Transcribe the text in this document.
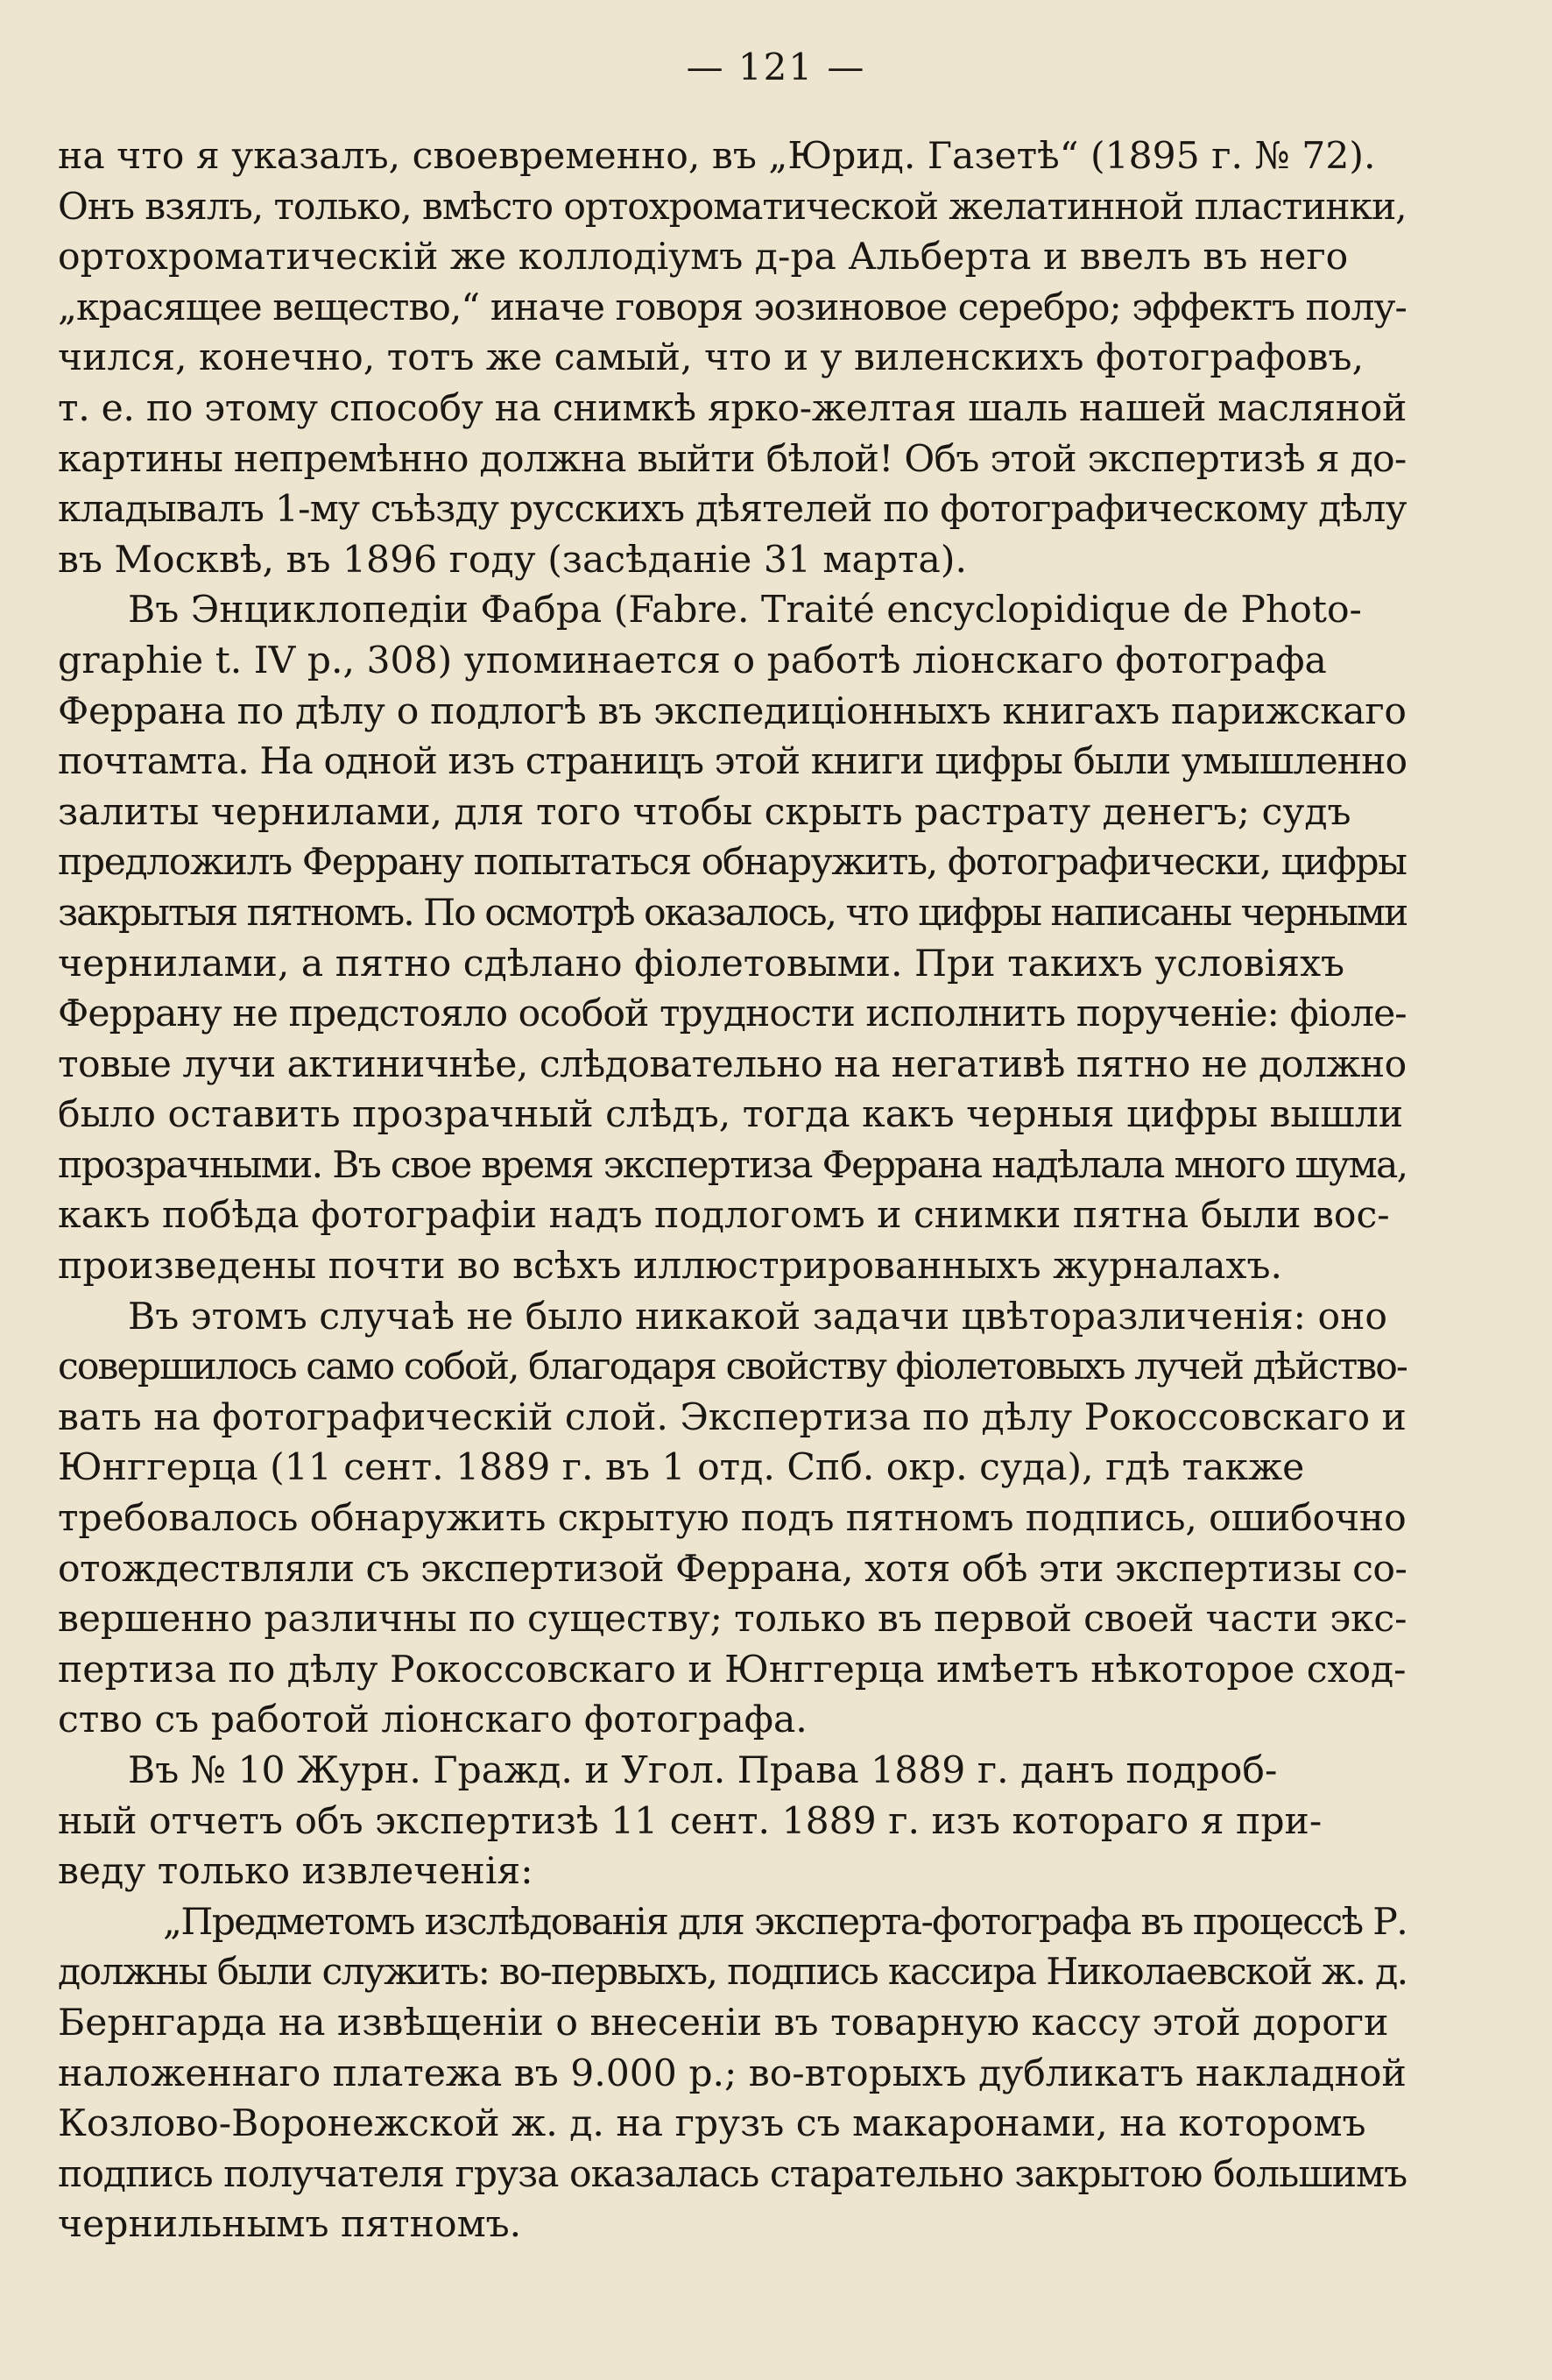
— 121 —

на что я указалъ, своевременно, въ „Юрид. Газетѣ“ (1895 г. № 72).
Онъ взялъ, только, вмѣсто ортохроматической желатинной пластинки,
ортохроматическій же коллодіумъ д-ра Альберта и ввелъ въ него
„красящее вещество,“ иначе говоря эозиновое серебро; эффектъ полу-
чился, конечно, тотъ же самый, что и у виленскихъ фотографовъ,
т. е. по этому способу на снимкѣ ярко-желтая шаль нашей масляной
картины непремѣнно должна выйти бѣлой! Объ этой экспертизѣ я до-
кладывалъ 1-му съѣзду русскихъ дѣятелей по фотографическому дѣлу
въ Москвѣ, въ 1896 году (засѣданіе 31 марта).

Въ Энциклопедіи Фабра (Fabre. Traité encyclopidique de Photo-
graphie t. IV p., 308) упоминается о работѣ ліонскаго фотографа
Феррана по дѣлу о подлогѣ въ экспедиціонныхъ книгахъ парижскаго
почтамта. На одной изъ страницъ этой книги цифры были умышленно
залиты чернилами, для того чтобы скрыть растрату денегъ; судъ
предложилъ Феррану попытаться обнаружить, фотографически, цифры
закрытыя пятномъ. По осмотрѣ оказалось, что цифры написаны черными
чернилами, а пятно сдѣлано фіолетовыми. При такихъ условіяхъ
Феррану не предстояло особой трудности исполнить порученіе: фіоле-
товые лучи актиничнѣе, слѣдовательно на негативѣ пятно не должно
было оставить прозрачный слѣдъ, тогда какъ черныя цифры вышли
прозрачными. Въ свое время экспертиза Феррана надѣлала много шума,
какъ побѣда фотографіи надъ подлогомъ и снимки пятна были вос-
произведены почти во всѣхъ иллюстрированныхъ журналахъ.

Въ этомъ случаѣ не было никакой задачи цвѣторазличенія: оно
совершилось само собой, благодаря свойству фіолетовыхъ лучей дѣйство-
вать на фотографическій слой. Экспертиза по дѣлу Рокоссовскаго и
Юнггерца (11 сент. 1889 г. въ 1 отд. Спб. окр. суда), гдѣ также
требовалось обнаружить скрытую подъ пятномъ подпись, ошибочно
отождествляли съ экспертизой Феррана, хотя обѣ эти экспертизы со-
вершенно различны по существу; только въ первой своей части экс-
пертиза по дѣлу Рокоссовскаго и Юнггерца имѣетъ нѣкоторое сход-
ство съ работой ліонскаго фотографа.

Въ № 10 Журн. Гражд. и Угол. Права 1889 г. данъ подроб-
ный отчетъ объ экспертизѣ 11 сент. 1889 г. изъ котораго я при-
веду только извлеченія:

„Предметомъ изслѣдованія для эксперта-фотографа въ процессѣ Р.
должны были служить: во-первыхъ, подпись кассира Николаевской ж. д.
Бернгарда на извѣщеніи о внесеніи въ товарную кассу этой дороги
наложеннаго платежа въ 9.000 р.; во-вторыхъ дубликатъ накладной
Козлово-Воронежской ж. д. на грузъ съ макаронами, на которомъ
подпись получателя груза оказалась старательно закрытою большимъ
чернильнымъ пятномъ.
